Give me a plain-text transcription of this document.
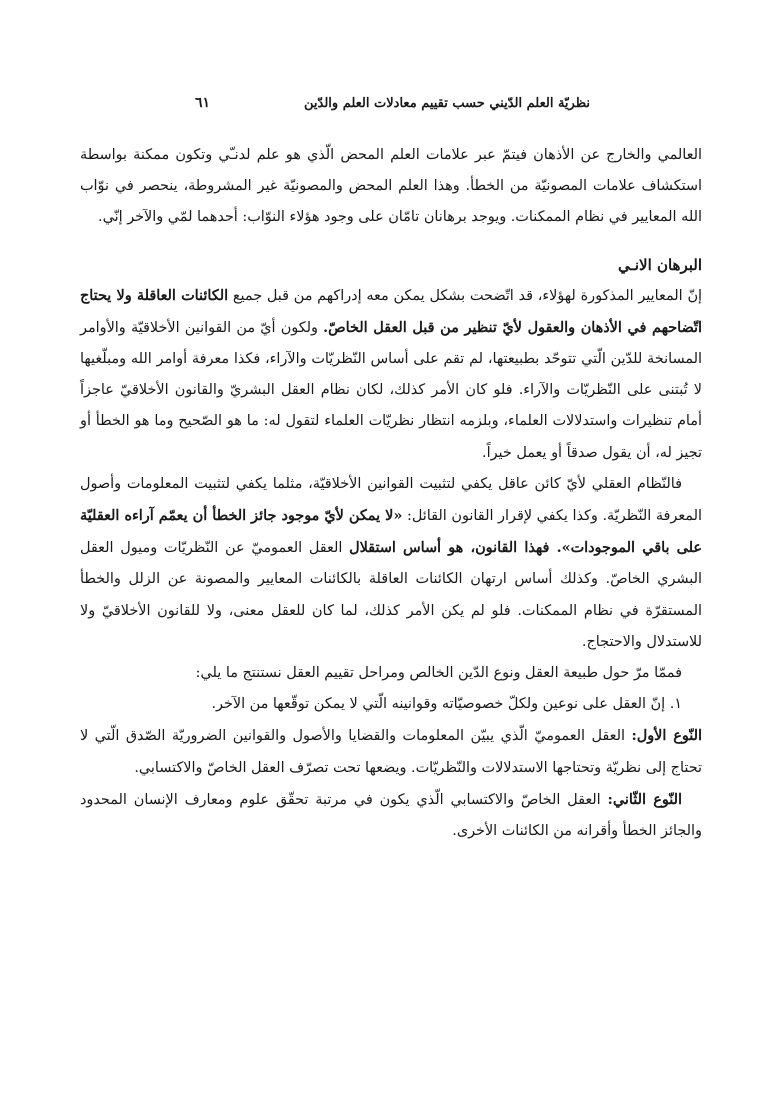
نظريّة العلم الدّيني حسب تقييم معادلات العلم والدّين
٦١

العالمي والخارج عن الأذهان فيتمّ عبر علامات العلم المحض الّذي هو علم لدنـّي وتكون ممكنة بواسطة استكشاف علامات المصونيّة من الخطأ. وهذا العلم المحض والمصونيّة غير المشروطة، ينحصر في نوّاب الله المعايير في نظام الممكنات. ويوجد برهانان تامّان على وجود هؤلاء النوّاب: أحدهما لمّي والآخر إنّي.

البرهان الانـي

إنّ المعايير المذكورة لهؤلاء، قد اتّضحت بشكل يمكن معه إدراكهم من قبل جميع الكائنات العاقلة ولا يحتاج اتّضاحهم في الأذهان والعقول لأيّ تنظير من قبل العقل الخاصّ. ولكون أيّ من القوانين الأخلاقيّة والأوامر المسانخة للدّين الّتي تتوحّد بطبيعتها، لم تقم على أساس النّظريّات والآراء، فكذا معرفة أوامر الله ومبلّغيها لا تُبتنى على النّظريّات والآراء. فلو كان الأمر كذلك، لكان نظام العقل البشريّ والقانون الأخلاقيّ عاجزاً أمام تنظيرات واستدلالات العلماء، وبلزمه انتظار نظريّات العلماء لتقول له: ما هو الصّحيح وما هو الخطأ أو تجيز له، أن يقول صدقاً أو يعمل خيراً.

فالنّظام العقلي لأيّ كائن عاقل يكفي لتثبيت القوانين الأخلاقيّة، مثلما يكفي لتثبيت المعلومات وأصول المعرفة النّظريّة. وكذا يكفي لإقرار القانون القائل: «لا يمكن لأيّ موجود جائز الخطأ أن يعمّم آراءه العقليّة على باقي الموجودات». فهذا القانون، هو أساس استقلال العقل العموميّ عن النّظريّات وميول العقل البشري الخاصّ. وكذلك أساس ارتهان الكائنات العاقلة بالكائنات المعايير والمصونة عن الزلل والخطأ المستقرّة في نظام الممكنات. فلو لم يكن الأمر كذلك، لما كان للعقل معنى، ولا للقانون الأخلاقيّ ولا للاستدلال والاحتجاج.

فممّا مرّ حول طبيعة العقل ونوع الدّين الخالص ومراحل تقييم العقل نستنتج ما يلي:

١. إنّ العقل على نوعين ولكلّ خصوصيّاته وقوانينه الّتي لا يمكن توقّعها من الآخر.

النّوع الأول: العقل العموميّ الّذي يبيّن المعلومات والقضايا والأصول والقوانين الضروريّة الصّدق الّتي لا تحتاج إلى نظريّة وتحتاجها الاستدلالات والنّظريّات. ويضعها تحت تصرّف العقل الخاصّ والاكتسابي.

النّوع الثّاني: العقل الخاصّ والاكتسابي الّذي يكون في مرتبة تحقّق علوم ومعارف الإنسان المحدود والجائز الخطأ وأقرانه من الكائنات الأخرى.
